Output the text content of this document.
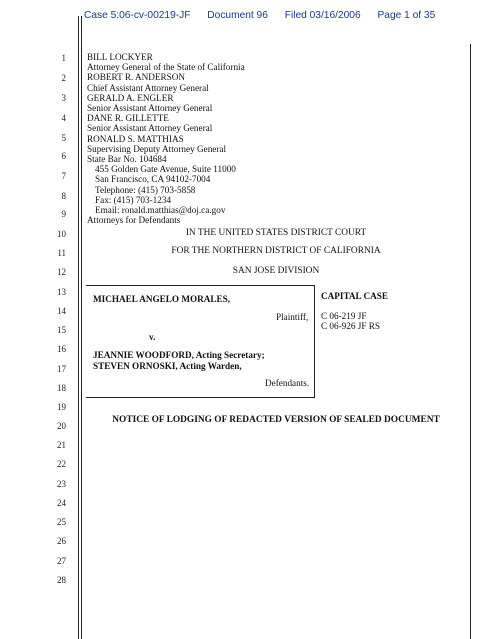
Case 5:06-cv-00219-JF Document 96 Filed 03/16/2006 Page 1 of 35
1
2
3
4
5
6
7
8
9
10
11
12
13
14
15
16
17
18
19
20
21
22
23
24
25
26
27
28
BILL LOCKYER
Attorney General of the State of California
ROBERT R. ANDERSON
Chief Assistant Attorney General
GERALD A. ENGLER
Senior Assistant Attorney General
DANE R. GILLETTE
Senior Assistant Attorney General
RONALD S. MATTHIAS
Supervising Deputy Attorney General
State Bar No. 104684
455 Golden Gate Avenue, Suite 11000
San Francisco, CA 94102-7004
Telephone: (415) 703-5858
Fax: (415) 703-1234
Email: ronald.matthias@doj.ca.gov
Attorneys for Defendants
IN THE UNITED STATES DISTRICT COURT
FOR THE NORTHERN DISTRICT OF CALIFORNIA
SAN JOSE DIVISION
MICHAEL ANGELO MORALES,
Plaintiff,
v.
JEANNIE WOODFORD, Acting Secretary;
STEVEN ORNOSKI, Acting Warden,
Defendants.
CAPITAL CASE
C 06-219 JF
C 06-926 JF RS
NOTICE OF LODGING OF REDACTED VERSION OF SEALED DOCUMENT
